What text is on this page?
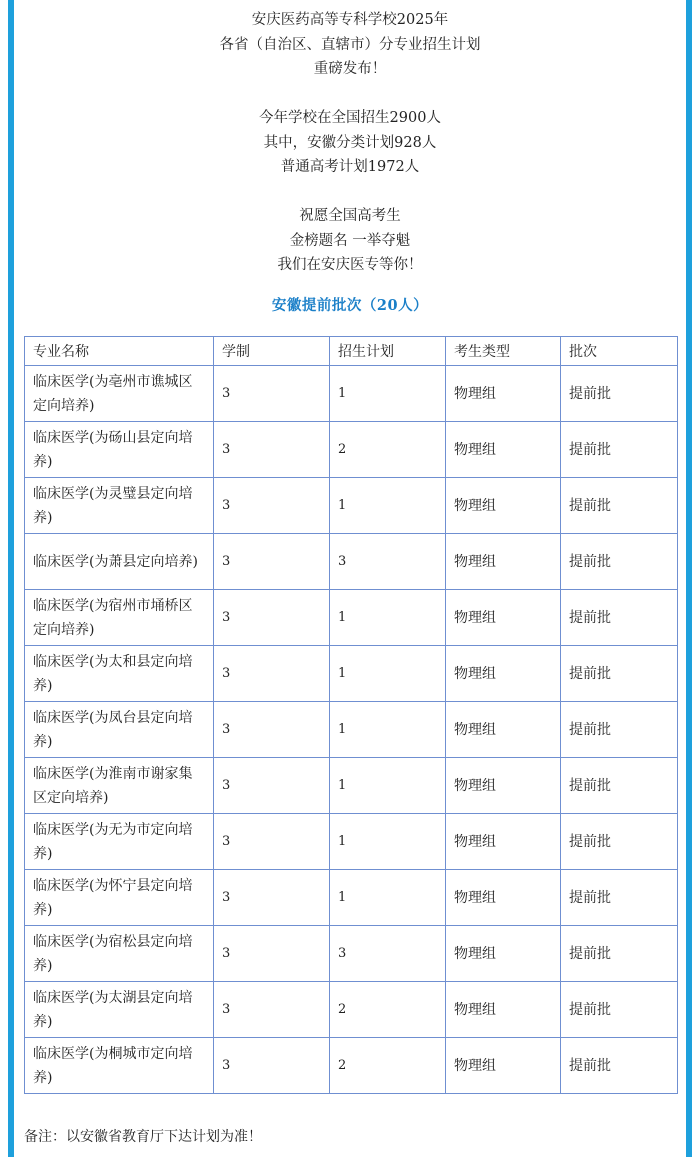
安庆医药高等专科学校2025年

各省（自治区、直辖市）分专业招生计划

重磅发布！

今年学校在全国招生2900人

其中，安徽分类计划928人

普通高考计划1972人

祝愿全国高考生

金榜题名 一举夺魁

我们在安庆医专等你！

安徽提前批次（20人）
专业名称	学制	招生计划	考生类型	批次
临床医学(为亳州市谯城区定向培养)	3	1	物理组	提前批
临床医学(为砀山县定向培养)	3	2	物理组	提前批
临床医学(为灵璧县定向培养)	3	1	物理组	提前批
临床医学(为萧县定向培养)	3	3	物理组	提前批
临床医学(为宿州市埇桥区定向培养)	3	1	物理组	提前批
临床医学(为太和县定向培养)	3	1	物理组	提前批
临床医学(为凤台县定向培养)	3	1	物理组	提前批
临床医学(为淮南市谢家集区定向培养)	3	1	物理组	提前批
临床医学(为无为市定向培养)	3	1	物理组	提前批
临床医学(为怀宁县定向培养)	3	1	物理组	提前批
临床医学(为宿松县定向培养)	3	3	物理组	提前批
临床医学(为太湖县定向培养)	3	2	物理组	提前批
临床医学(为桐城市定向培养)	3	2	物理组	提前批
备注：以安徽省教育厅下达计划为准！
